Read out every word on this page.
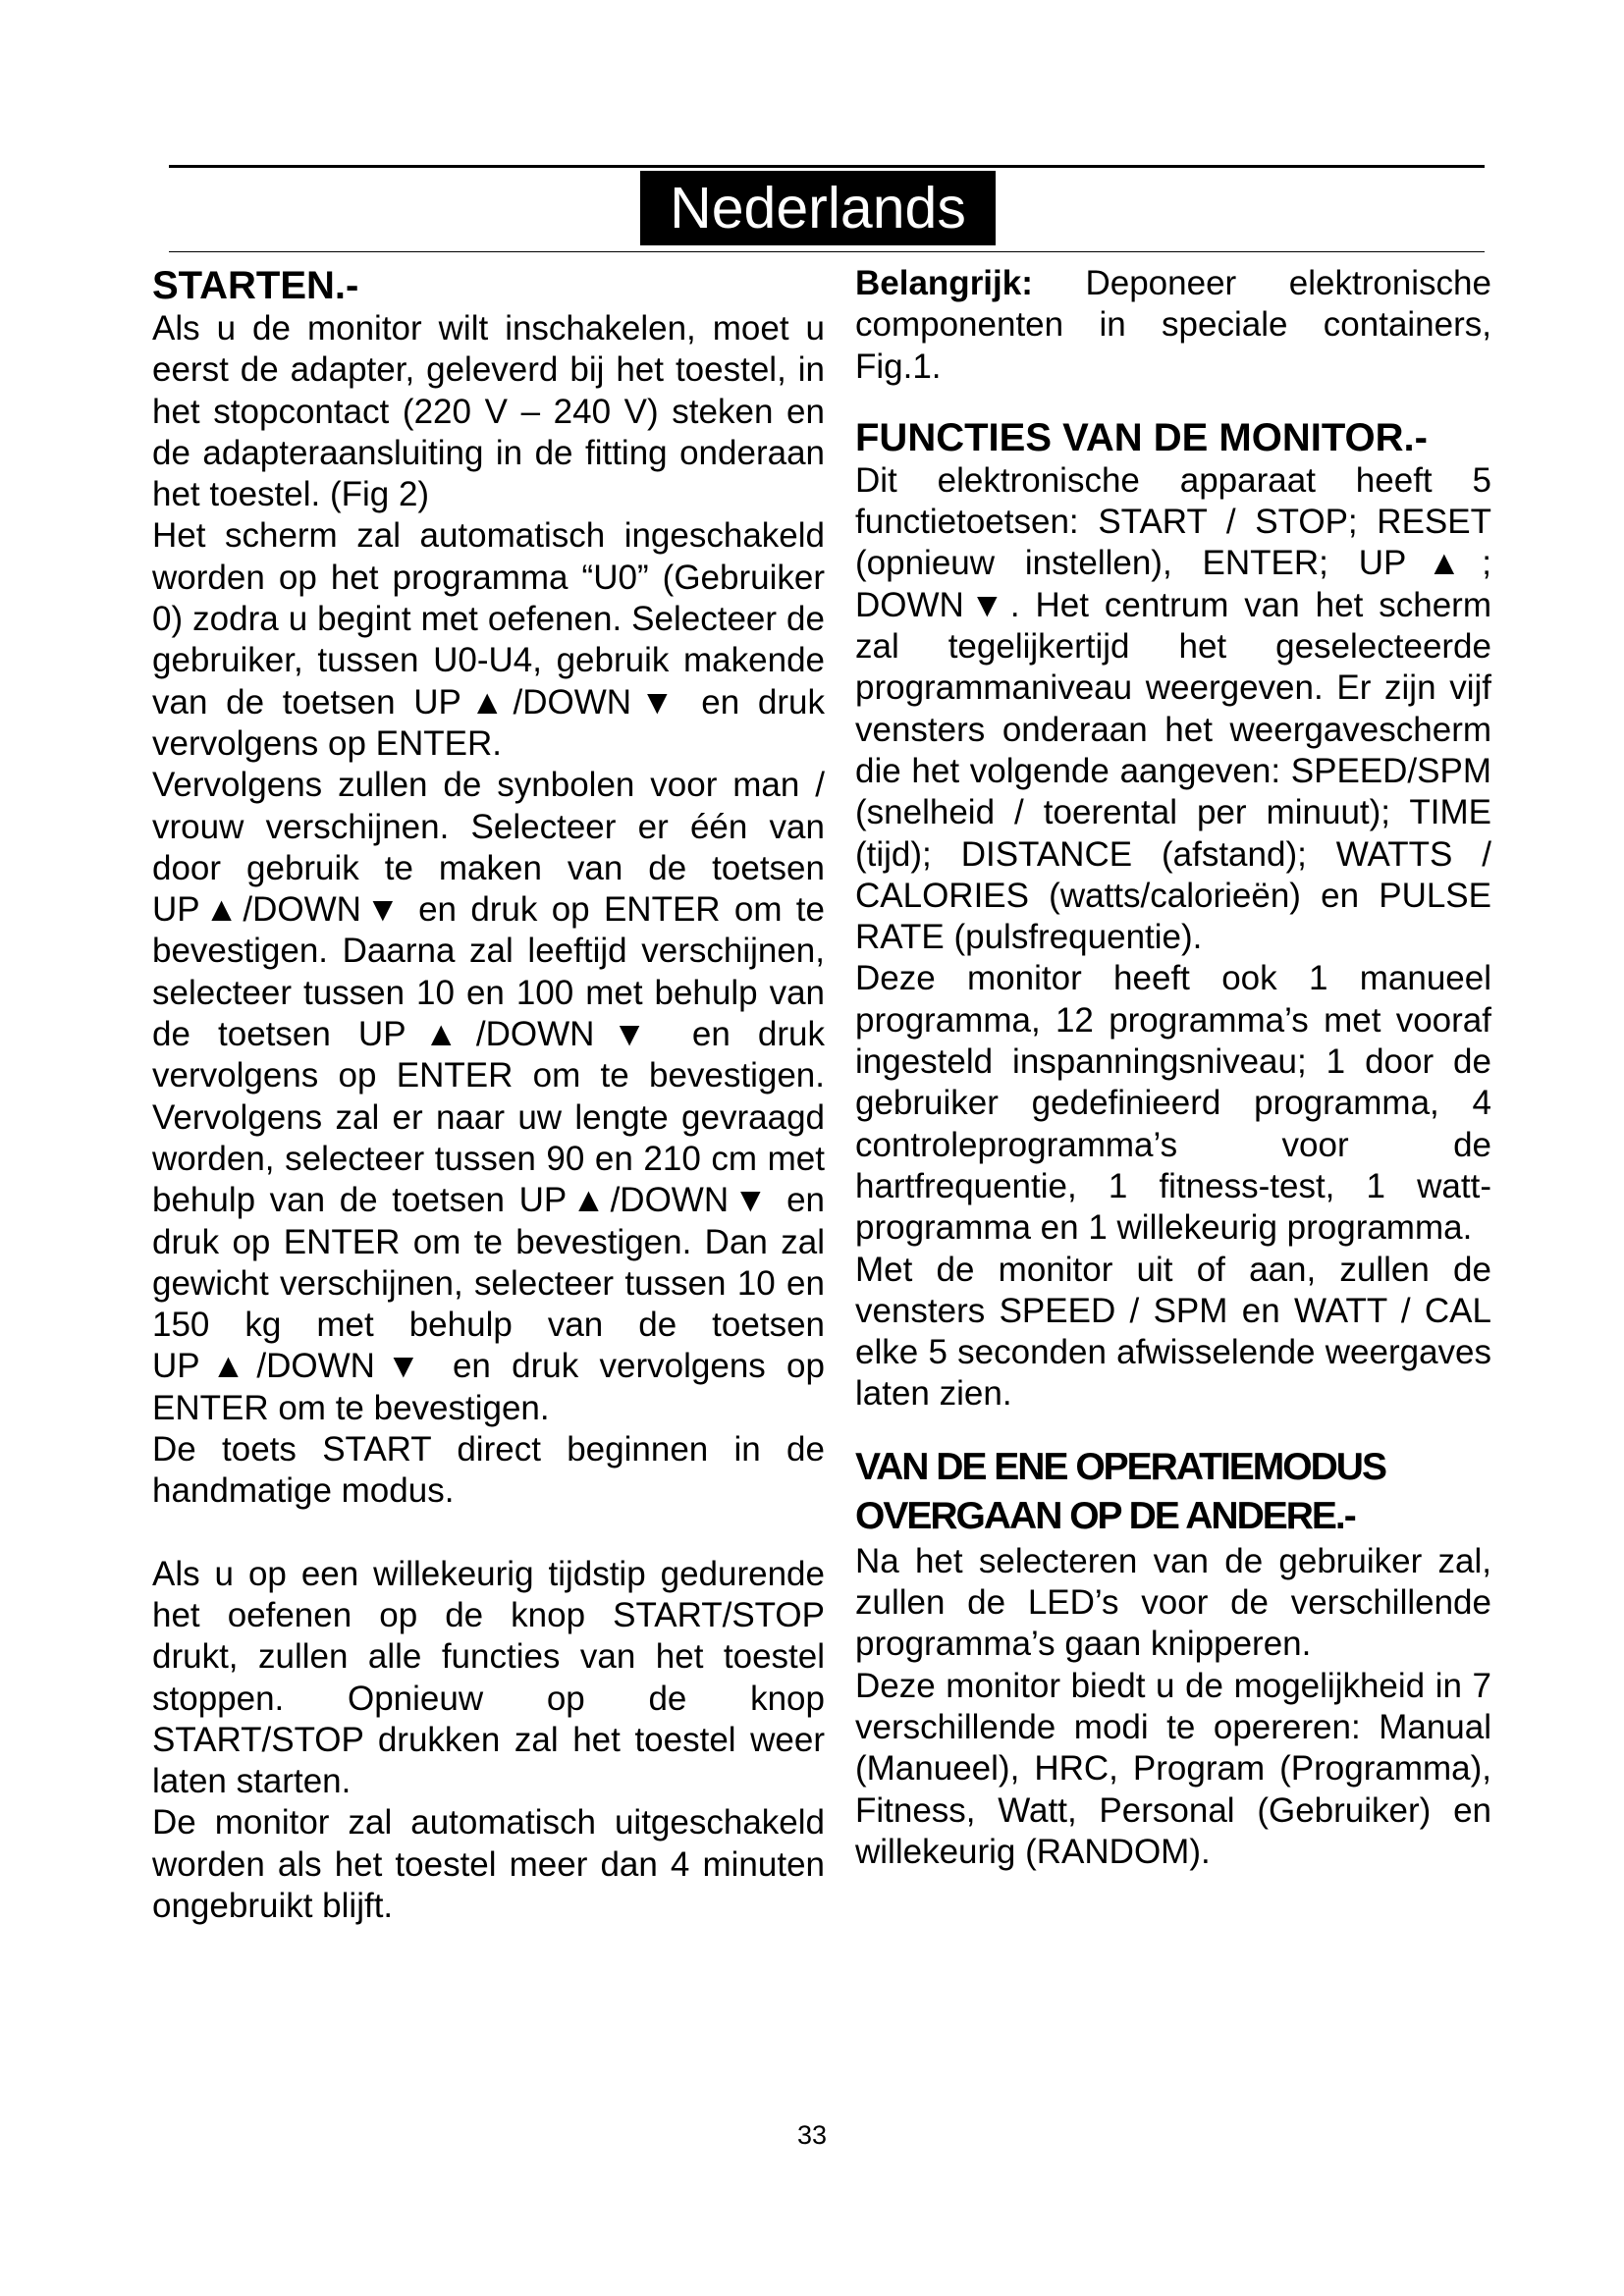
Nederlands
STARTEN.-

Als u de monitor wilt inschakelen, moet u eerst de adapter, geleverd bij het toestel, in het stopcontact (220 V – 240 V) steken en de adapteraansluiting in de fitting onderaan het toestel. (Fig 2)

Het scherm zal automatisch ingeschakeld worden op het programma “U0” (Gebruiker 0) zodra u begint met oefenen. Selecteer de gebruiker, tussen U0-U4, gebruik makende van de toetsen UP▲/DOWN▼ en druk vervolgens op ENTER.

Vervolgens zullen de synbolen voor man / vrouw verschijnen. Selecteer er één van door gebruik te maken van de toetsen UP▲/DOWN▼ en druk op ENTER om te bevestigen. Daarna zal leeftijd verschijnen, selecteer tussen 10 en 100 met behulp van de toetsen UP▲/DOWN▼ en druk vervolgens op ENTER om te bevestigen. Vervolgens zal er naar uw lengte gevraagd worden, selecteer tussen 90 en 210 cm met behulp van de toetsen UP▲/DOWN▼ en druk op ENTER om te bevestigen. Dan zal gewicht verschijnen, selecteer tussen 10 en 150 kg met behulp van de toetsen UP▲/DOWN▼ en druk vervolgens op ENTER om te bevestigen.

De toets START direct beginnen in de handmatige modus.

Als u op een willekeurig tijdstip gedurende het oefenen op de knop START/STOP drukt, zullen alle functies van het toestel stoppen. Opnieuw op de knop START/STOP drukken zal het toestel weer laten starten.

De monitor zal automatisch uitgeschakeld worden als het toestel meer dan 4 minuten ongebruikt blijft.

Belangrijk: Deponeer elektronische componenten in speciale containers, Fig.1.

FUNCTIES VAN DE MONITOR.-

Dit elektronische apparaat heeft 5 functietoetsen: START / STOP; RESET (opnieuw instellen), ENTER; UP▲; DOWN▼. Het centrum van het scherm zal tegelijkertijd het geselecteerde programmaniveau weergeven. Er zijn vijf vensters onderaan het weergavescherm die het volgende aangeven: SPEED/SPM (snelheid / toerental per minuut); TIME (tijd); DISTANCE (afstand); WATTS / CALORIES (watts/calorieën) en PULSE RATE (pulsfrequentie).

Deze monitor heeft ook 1 manueel programma, 12 programma’s met vooraf ingesteld inspanningsniveau; 1 door de gebruiker gedefinieerd programma, 4 controleprogramma’s voor de hartfrequentie, 1 fitness-test, 1 watt-programma en 1 willekeurig programma.

Met de monitor uit of aan, zullen de vensters SPEED / SPM en WATT / CAL elke 5 seconden afwisselende weergaves laten zien.

VAN DE ENE OPERATIEMODUS
OVERGAAN OP DE ANDERE.-

Na het selecteren van de gebruiker zal, zullen de LED’s voor de verschillende programma’s gaan knipperen.

Deze monitor biedt u de mogelijkheid in 7 verschillende modi te opereren: Manual (Manueel), HRC, Program (Programma), Fitness, Watt, Personal (Gebruiker) en willekeurig (RANDOM).

33
